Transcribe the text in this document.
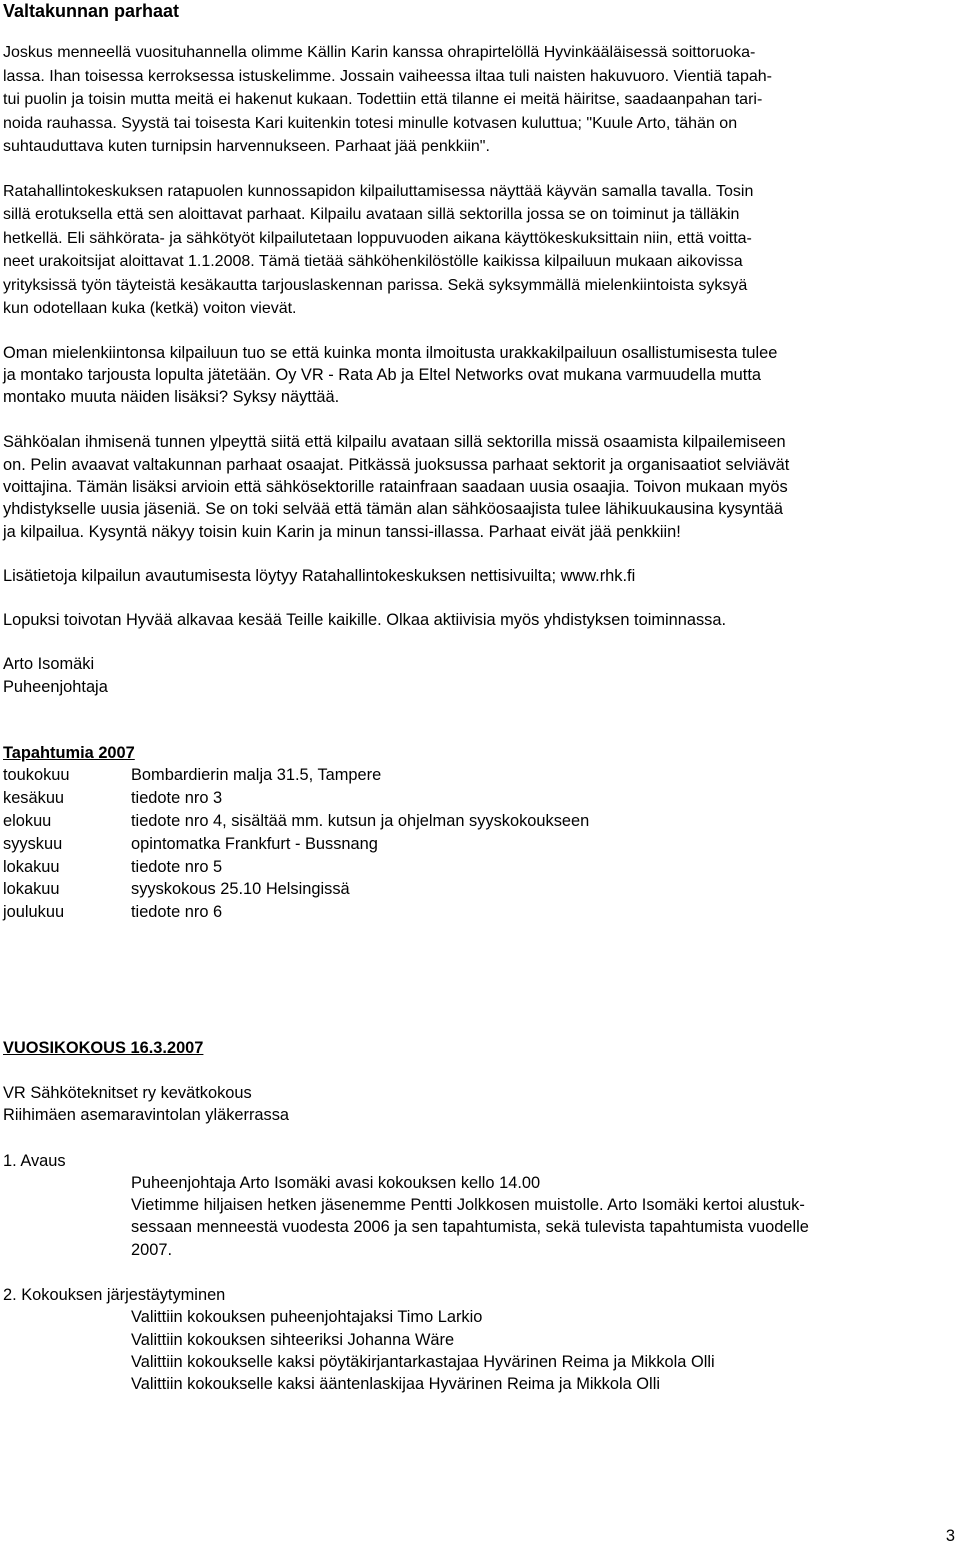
Valtakunnan parhaat

Joskus menneellä vuosituhannella olimme Källin Karin kanssa ohrapirtelöllä Hyvinkääläisessä soittoruoka-

lassa. Ihan toisessa kerroksessa istuskelimme. Jossain vaiheessa iltaa tuli naisten hakuvuoro. Vientiä tapah-

tui puolin ja toisin mutta meitä ei hakenut kukaan. Todettiin että tilanne ei meitä häiritse, saadaanpahan tari-

noida rauhassa. Syystä tai toisesta Kari kuitenkin totesi minulle kotvasen kuluttua; "Kuule Arto, tähän on

suhtauduttava kuten turnipsin harvennukseen. Parhaat jää penkkiin".

Ratahallintokeskuksen ratapuolen kunnossapidon kilpailuttamisessa näyttää käyvän samalla tavalla. Tosin

sillä erotuksella että sen aloittavat parhaat. Kilpailu avataan sillä sektorilla jossa se on toiminut ja tälläkin

hetkellä. Eli sähkörata- ja sähkötyöt kilpailutetaan loppuvuoden aikana käyttökeskuksittain niin, että voitta-

neet urakoitsijat aloittavat 1.1.2008. Tämä tietää sähköhenkilöstölle kaikissa kilpailuun mukaan aikovissa

yrityksissä työn täyteistä kesäkautta tarjouslaskennan parissa. Sekä syksymmällä mielenkiintoista syksyä

kun odotellaan kuka (ketkä) voiton vievät.

Oman mielenkiintonsa kilpailuun tuo se että kuinka monta ilmoitusta urakkakilpailuun osallistumisesta tulee

ja montako tarjousta lopulta jätetään. Oy VR - Rata Ab ja Eltel Networks ovat mukana varmuudella mutta

montako muuta näiden lisäksi? Syksy näyttää.

Sähköalan ihmisenä tunnen ylpeyttä siitä että kilpailu avataan sillä sektorilla missä osaamista kilpailemiseen

on. Pelin avaavat valtakunnan parhaat osaajat. Pitkässä juoksussa parhaat sektorit ja organisaatiot selviävät

voittajina. Tämän lisäksi arvioin että sähkösektorille ratainfraan saadaan uusia osaajia. Toivon mukaan myös

yhdistykselle uusia jäseniä. Se on toki selvää että tämän alan sähköosaajista tulee lähikuukausina kysyntää

ja kilpailua. Kysyntä näkyy toisin kuin Karin ja minun tanssi-illassa. Parhaat eivät jää penkkiin!

Lisätietoja kilpailun avautumisesta löytyy Ratahallintokeskuksen nettisivuilta; www.rhk.fi

Lopuksi toivotan Hyvää alkavaa kesää Teille kaikille. Olkaa aktiivisia myös yhdistyksen toiminnassa.

Arto Isomäki

Puheenjohtaja

Tapahtumia 2007
toukokuu	Bombardierin malja 31.5, Tampere
kesäkuu	tiedote nro 3
elokuu	tiedote nro 4, sisältää mm. kutsun ja ohjelman syyskokoukseen
syyskuu	opintomatka Frankfurt - Bussnang
lokakuu	tiedote nro 5
lokakuu	syyskokous 25.10 Helsingissä
joulukuu	tiedote nro 6
VUOSIKOKOUS 16.3.2007

VR Sähköteknitset ry kevätkokous

Riihimäen asemaravintolan yläkerrassa

1. Avaus

Puheenjohtaja Arto Isomäki avasi kokouksen kello 14.00

Vietimme hiljaisen hetken jäsenemme Pentti Jolkkosen muistolle. Arto Isomäki kertoi alustuk-

sessaan menneestä vuodesta 2006 ja sen tapahtumista, sekä tulevista tapahtumista vuodelle

2007.

2. Kokouksen järjestäytyminen

Valittiin kokouksen puheenjohtajaksi Timo Larkio

Valittiin kokouksen sihteeriksi Johanna Wäre

Valittiin kokoukselle kaksi pöytäkirjantarkastajaa Hyvärinen Reima ja Mikkola Olli

Valittiin kokoukselle kaksi ääntenlaskijaa Hyvärinen Reima ja Mikkola Olli

3
